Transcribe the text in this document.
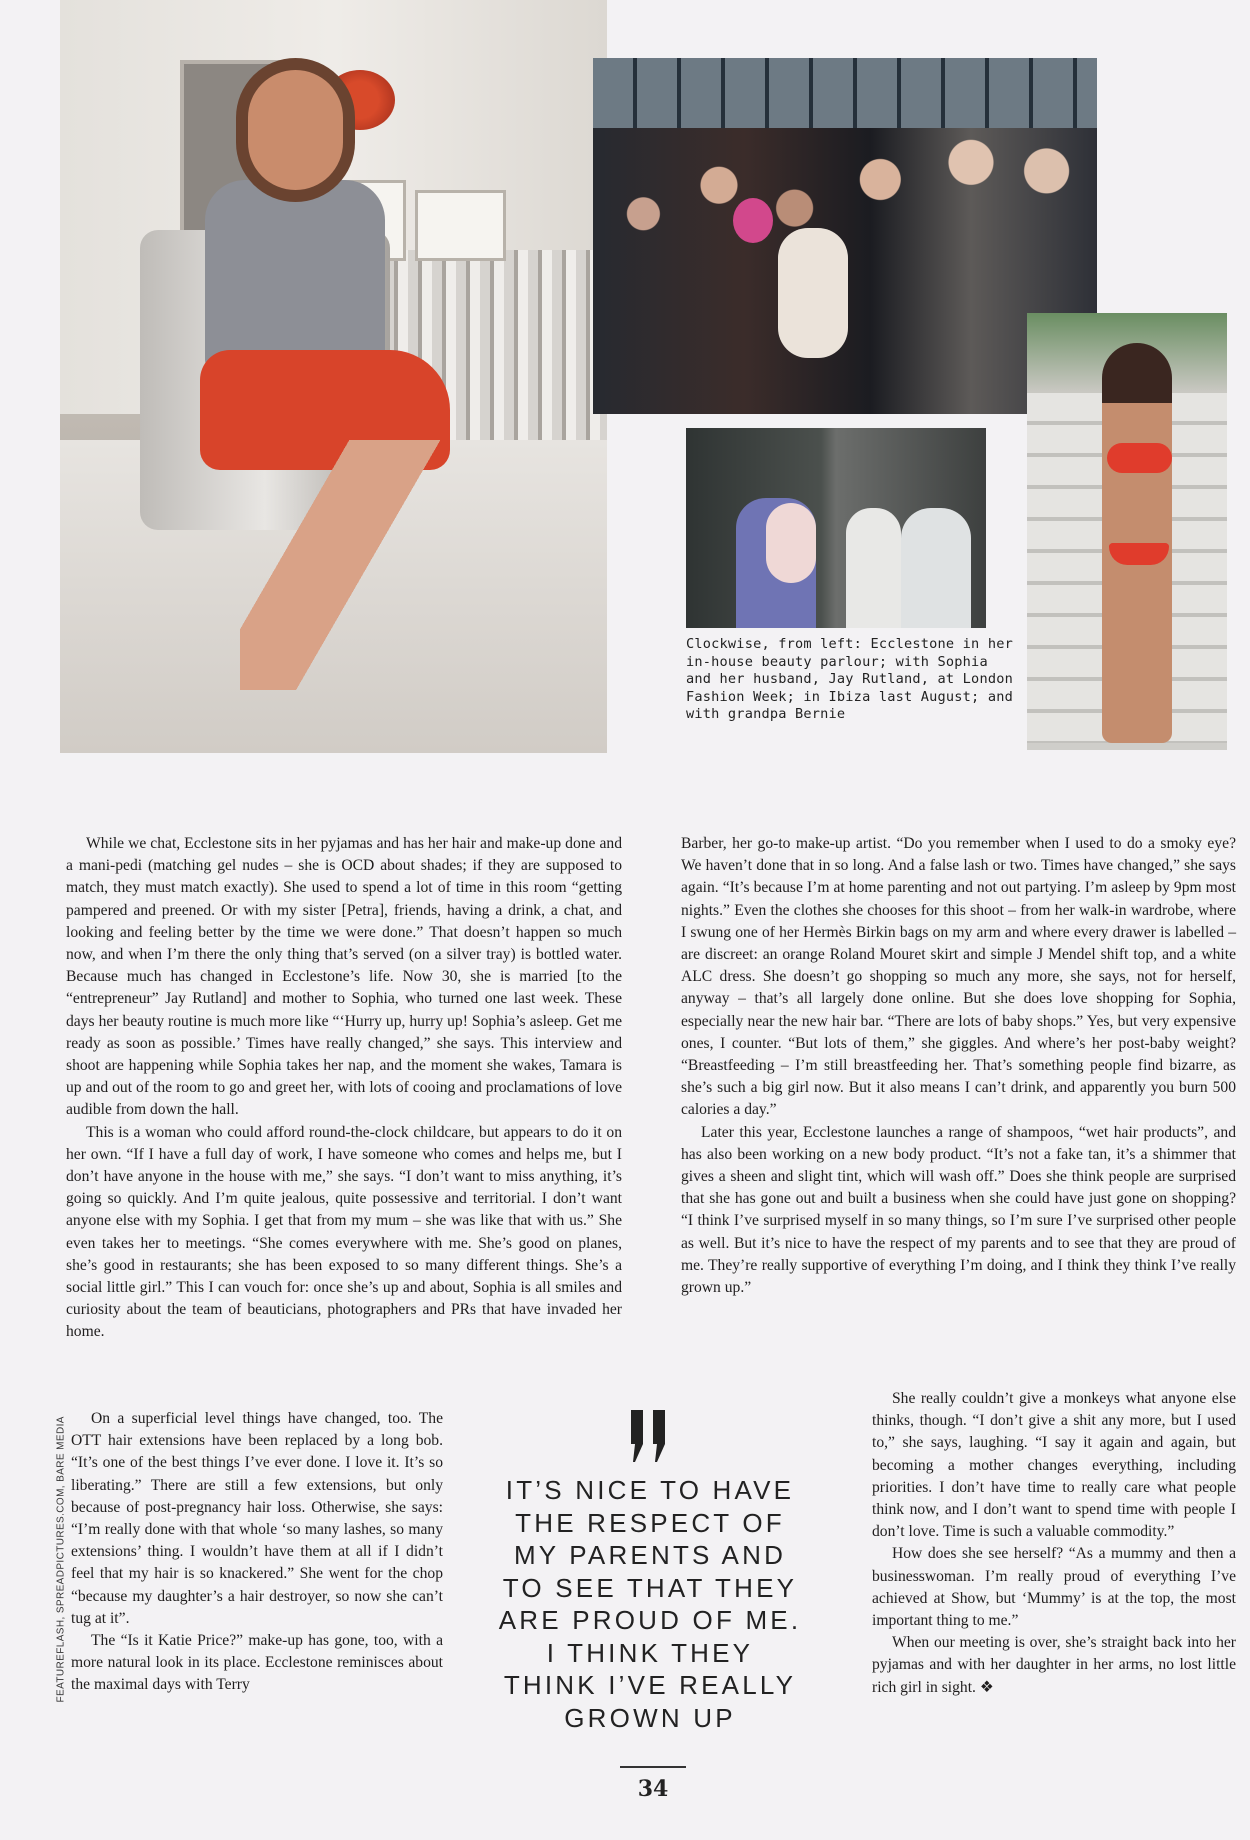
Clockwise, from left: Ecclestone in her in-house beauty parlour; with Sophia and her husband, Jay Rutland, at London Fashion Week; in Ibiza last August; and with grandpa Bernie

While we chat, Ecclestone sits in her pyjamas and has her hair and make-up done and a mani-pedi (matching gel nudes – she is OCD about shades; if they are supposed to match, they must match exactly). She used to spend a lot of time in this room “getting pampered and preened. Or with my sister [Petra], friends, having a drink, a chat, and looking and feeling better by the time we were done.” That doesn’t happen so much now, and when I’m there the only thing that’s served (on a silver tray) is bottled water. Because much has changed in Ecclestone’s life. Now 30, she is married [to the “entrepreneur” Jay Rutland] and mother to Sophia, who turned one last week. These days her beauty routine is much more like “‘Hurry up, hurry up! Sophia’s asleep. Get me ready as soon as possible.’ Times have really changed,” she says. This interview and shoot are happening while Sophia takes her nap, and the moment she wakes, Tamara is up and out of the room to go and greet her, with lots of cooing and proclamations of love audible from down the hall.

This is a woman who could afford round-the-clock childcare, but appears to do it on her own. “If I have a full day of work, I have someone who comes and helps me, but I don’t have anyone in the house with me,” she says. “I don’t want to miss anything, it’s going so quickly. And I’m quite jealous, quite possessive and territorial. I don’t want anyone else with my Sophia. I get that from my mum – she was like that with us.” She even takes her to meetings. “She comes everywhere with me. She’s good on planes, she’s good in restaurants; she has been exposed to so many different things. She’s a social little girl.” This I can vouch for: once she’s up and about, Sophia is all smiles and curiosity about the team of beauticians, photographers and PRs that have invaded her home.

On a superficial level things have changed, too. The OTT hair extensions have been replaced by a long bob. “It’s one of the best things I’ve ever done. I love it. It’s so liberating.” There are still a few extensions, but only because of post-pregnancy hair loss. Otherwise, she says: “I’m really done with that whole ‘so many lashes, so many extensions’ thing. I wouldn’t have them at all if I didn’t feel that my hair is so knackered.” She went for the chop “because my daughter’s a hair destroyer, so now she can’t tug at it”.

The “Is it Katie Price?” make-up has gone, too, with a more natural look in its place. Ecclestone reminisces about the maximal days with Terry

FEATUREFLASH, SPREADPICTURES.COM, BARE MEDIA

Barber, her go-to make-up artist. “Do you remember when I used to do a smoky eye? We haven’t done that in so long. And a false lash or two. Times have changed,” she says again. “It’s because I’m at home parenting and not out partying. I’m asleep by 9pm most nights.” Even the clothes she chooses for this shoot – from her walk-in wardrobe, where I swung one of her Hermès Birkin bags on my arm and where every drawer is labelled – are discreet: an orange Roland Mouret skirt and simple J Mendel shift top, and a white ALC dress. She doesn’t go shopping so much any more, she says, not for herself, anyway – that’s all largely done online. But she does love shopping for Sophia, especially near the new hair bar. “There are lots of baby shops.” Yes, but very expensive ones, I counter. “But lots of them,” she giggles. And where’s her post-baby weight? “Breastfeeding – I’m still breastfeeding her. That’s something people find bizarre, as she’s such a big girl now. But it also means I can’t drink, and apparently you burn 500 calories a day.”

Later this year, Ecclestone launches a range of shampoos, “wet hair products”, and has also been working on a new body product. “It’s not a fake tan, it’s a shimmer that gives a sheen and slight tint, which will wash off.” Does she think people are surprised that she has gone out and built a business when she could have just gone on shopping? “I think I’ve surprised myself in so many things, so I’m sure I’ve surprised other people as well. But it’s nice to have the respect of my parents and to see that they are proud of me. They’re really supportive of everything I’m doing, and I think they think I’ve really grown up.”

She really couldn’t give a monkeys what anyone else thinks, though. “I don’t give a shit any more, but I used to,” she says, laughing. “I say it again and again, but becoming a mother changes everything, including priorities. I don’t have time to really care what people think now, and I don’t want to spend time with people I don’t love. Time is such a valuable commodity.”

How does she see herself? “As a mummy and then a businesswoman. I’m really proud of everything I’ve achieved at Show, but ‘Mummy’ is at the top, the most important thing to me.”

When our meeting is over, she’s straight back into her pyjamas and with her daughter in her arms, no lost little rich girl in sight. ❖

IT’S NICE TO HAVE
THE RESPECT OF
MY PARENTS AND
TO SEE THAT THEY
ARE PROUD OF ME.
I THINK THEY
THINK I’VE REALLY
GROWN UP
34
